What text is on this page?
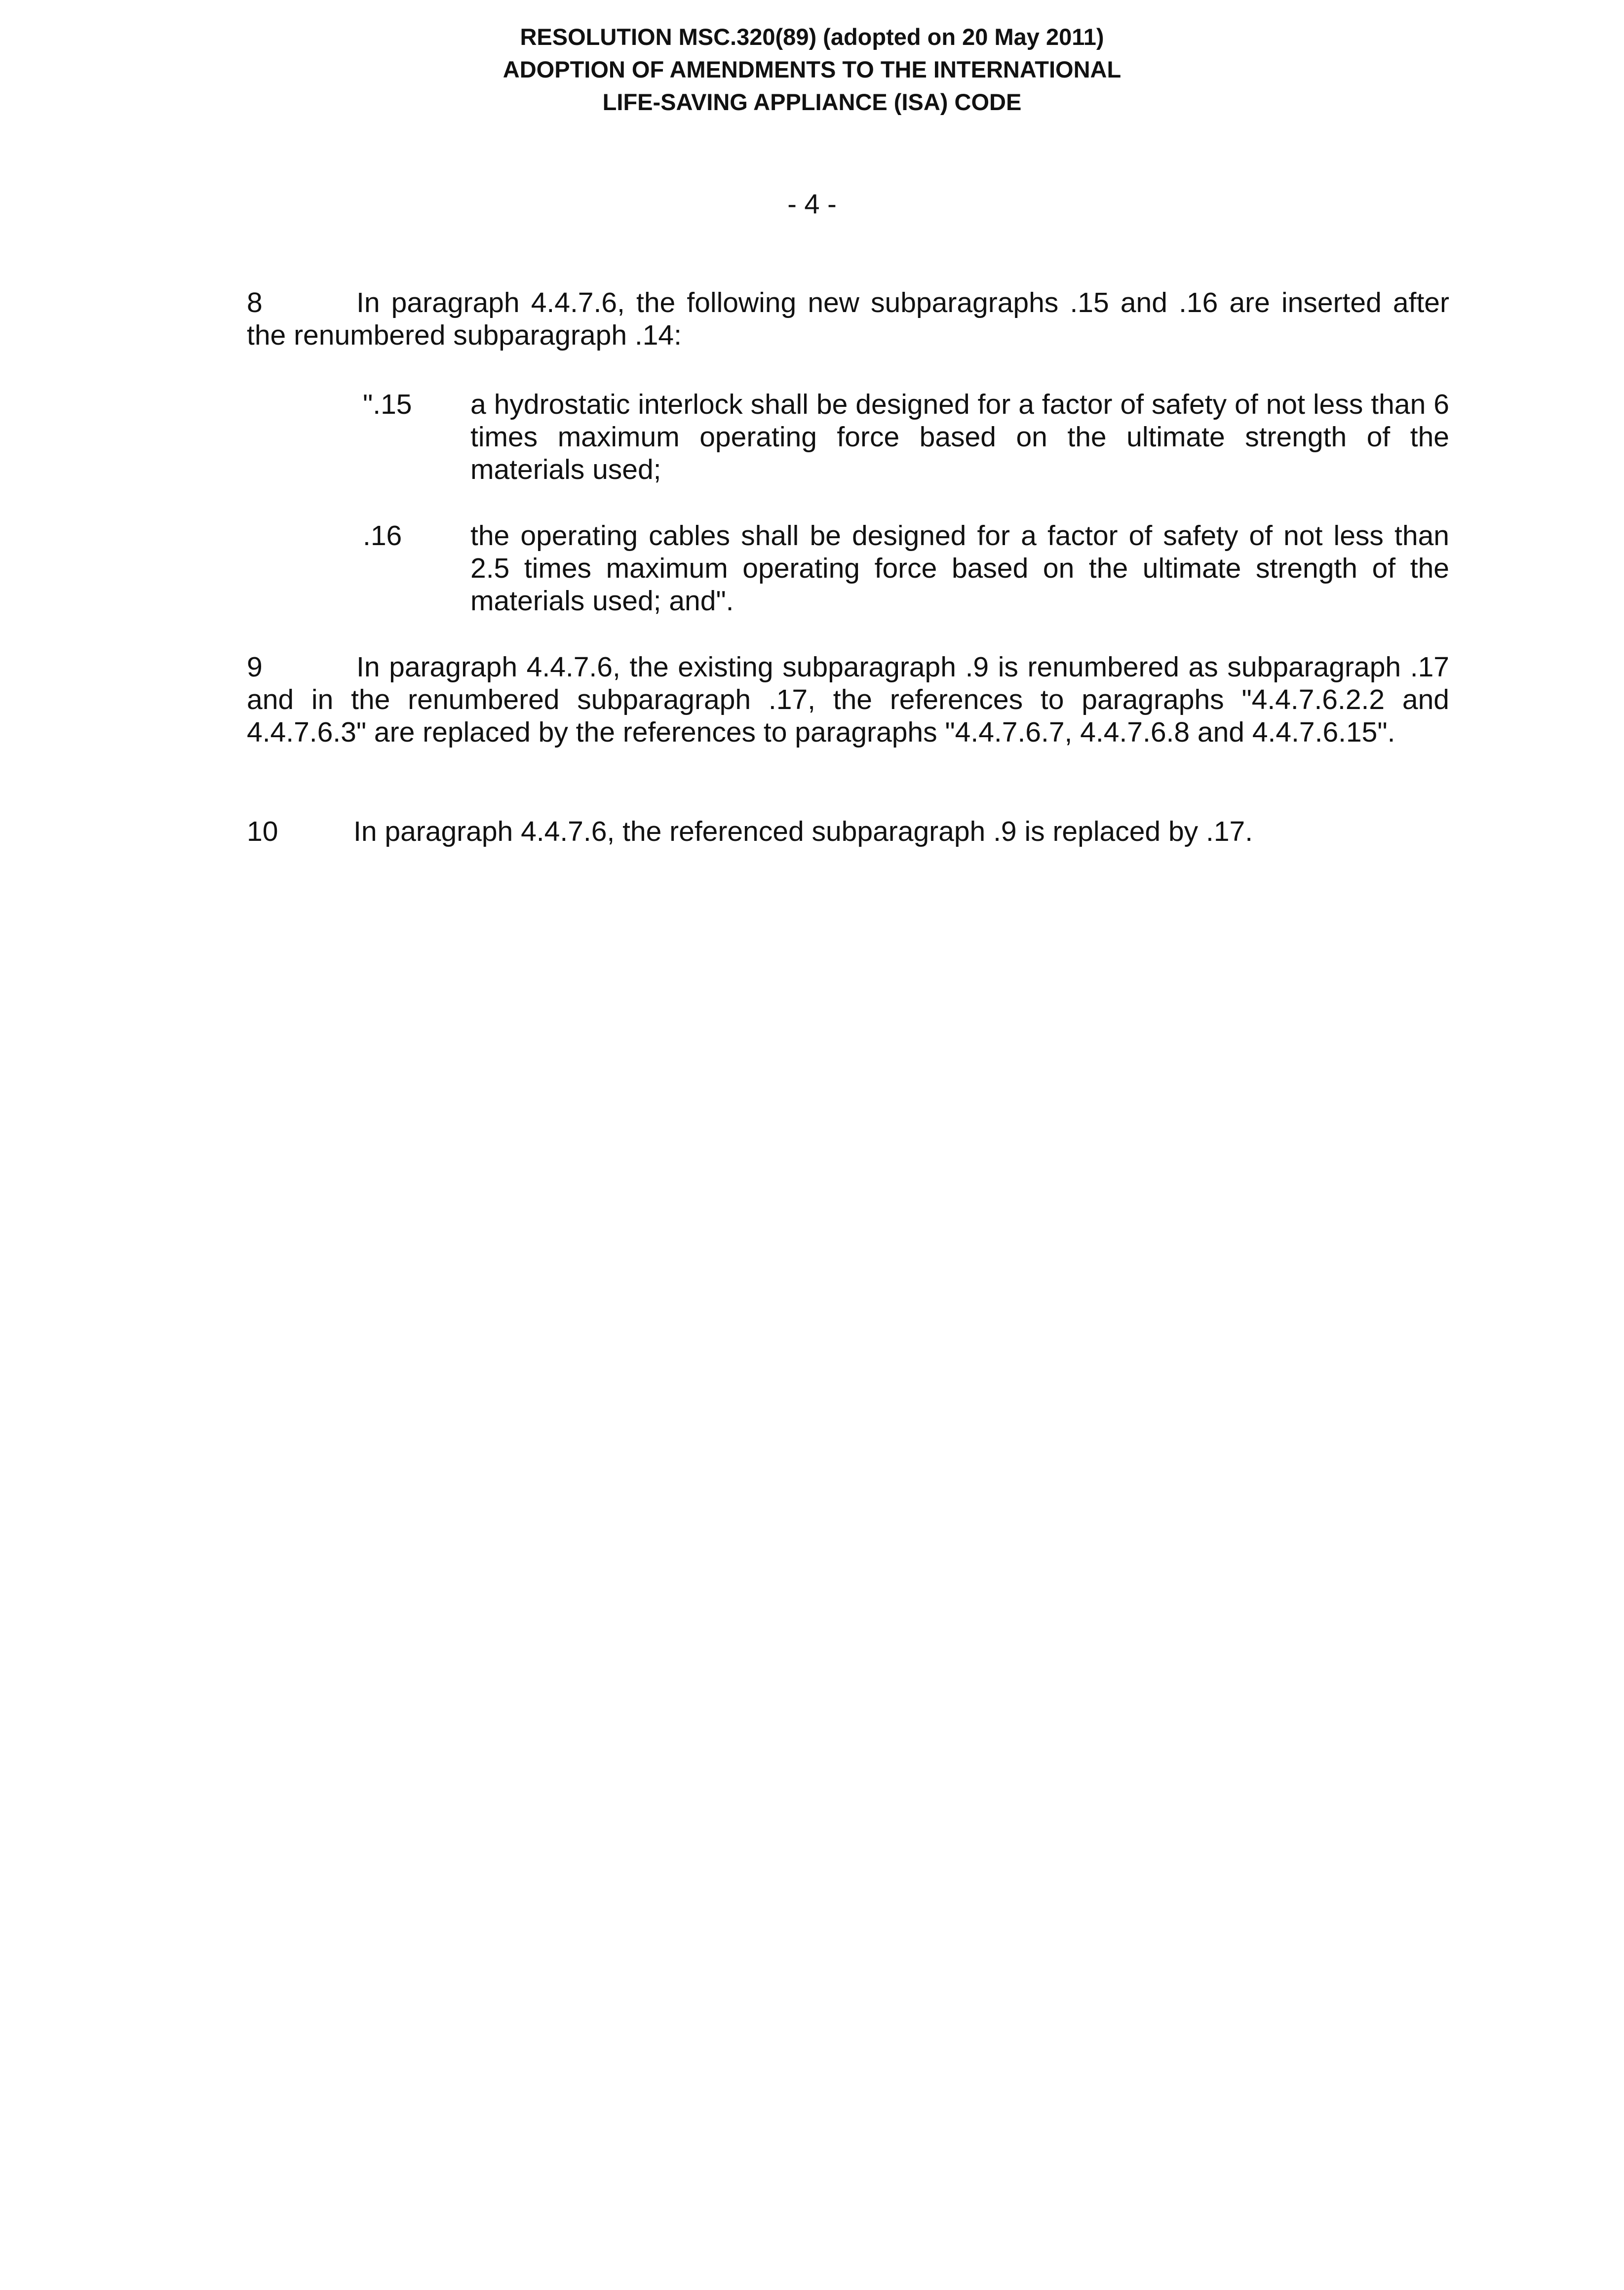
RESOLUTION MSC.320(89) (adopted on 20 May 2011)
ADOPTION OF AMENDMENTS TO THE INTERNATIONAL
LIFE-SAVING APPLIANCE (ISA) CODE
- 4 -
8	In paragraph 4.4.7.6, the following new subparagraphs .15 and .16 are inserted after the renumbered subparagraph .14:
".15 a hydrostatic interlock shall be designed for a factor of safety of not less than 6 times maximum operating force based on the ultimate strength of the materials used;
.16 the operating cables shall be designed for a factor of safety of not less than 2.5 times maximum operating force based on the ultimate strength of the materials used; and".
9	In paragraph 4.4.7.6, the existing subparagraph .9 is renumbered as subparagraph .17 and in the renumbered subparagraph .17, the references to paragraphs "4.4.7.6.2.2 and 4.4.7.6.3" are replaced by the references to paragraphs "4.4.7.6.7, 4.4.7.6.8 and 4.4.7.6.15".
10	In paragraph 4.4.7.6, the referenced subparagraph .9 is replaced by .17.
